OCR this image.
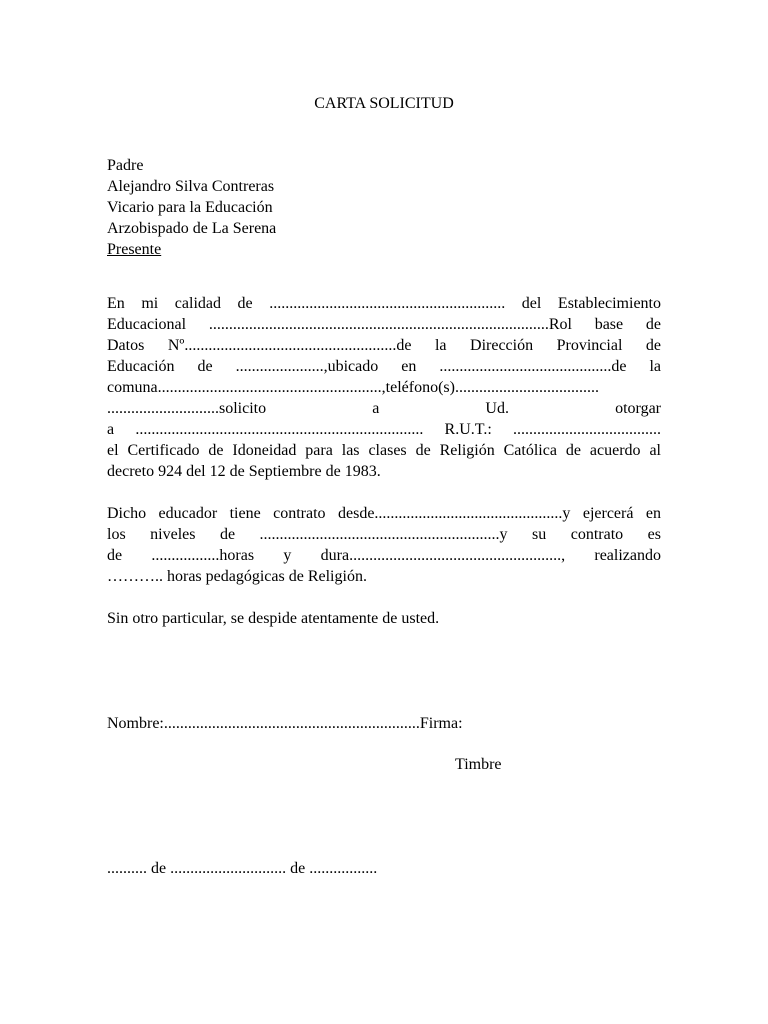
CARTA SOLICITUD
Padre
Alejandro Silva Contreras
Vicario para la Educación
Arzobispado de La Serena
Presente
En mi calidad de ........................................................... del Establecimiento
Educacional .....................................................................................Rol base de
Datos Nº.....................................................de la Dirección Provincial de
Educación de ......................,ubicado en ...........................................de la
comuna........................................................,teléfono(s)....................................
............................solicito a Ud. otorgar
a ........................................................................ R.U.T.: .....................................
el Certificado de Idoneidad para las clases de Religión Católica de acuerdo al
decreto 924 del 12 de Septiembre de 1983.
Dicho educador tiene contrato desde...............................................y ejercerá en
los niveles de ............................................................y su contrato es
de .................horas y dura....................................................., realizando
……….. horas pedagógicas de Religión.
Sin otro particular, se despide atentamente de usted.
Nombre:................................................................Firma:
Timbre
.......... de ............................. de .................
